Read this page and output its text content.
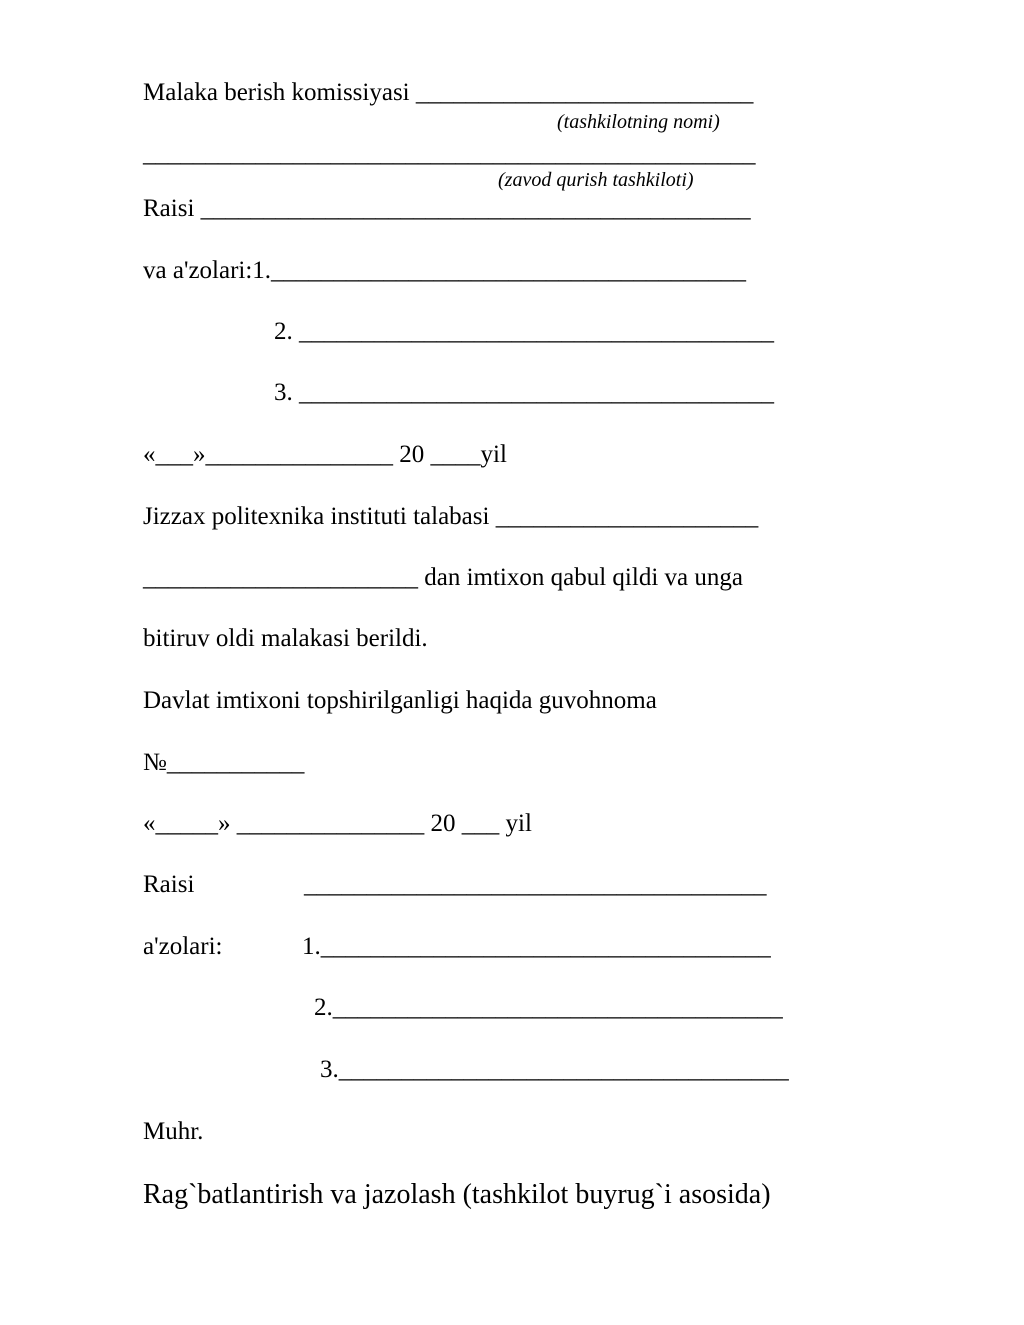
Malaka berish komissiyasi ___________________________

(tashkilotning nomi)

_________________________________________________

(zavod qurish tashkiloti)

Raisi ____________________________________________

va a'zolari:1.______________________________________

2. ______________________________________

3. ______________________________________

«___»_______________ 20 ____yil

Jizzax politexnika instituti talabasi _____________________

______________________ dan imtixon qabul qildi va unga

bitiruv oldi malakasi berildi.

Davlat imtixoni topshirilganligi haqida guvohnoma

№___________

«_____» _______________ 20 ___ yil

Raisi	_____________________________________

a'zolari:	1.____________________________________

2.____________________________________

3.____________________________________

Muhr.

Rag`batlantirish va jazolash (tashkilot buyrug`i asosida)
